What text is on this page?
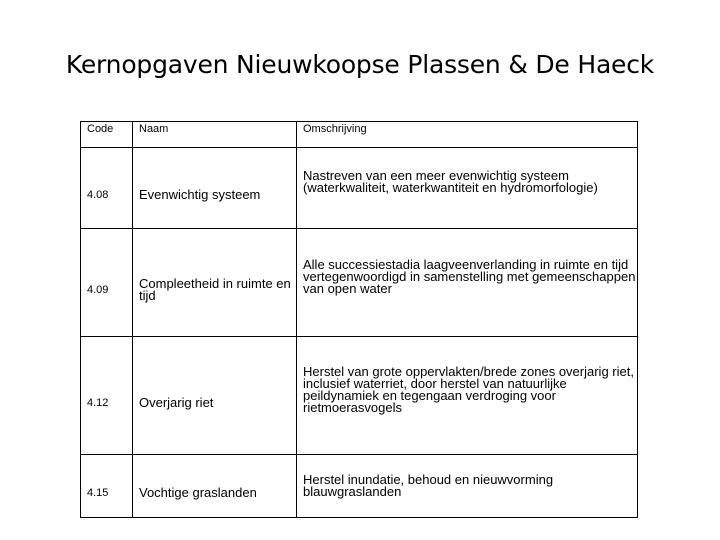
Kernopgaven Nieuwkoopse Plassen & De Haeck
Code	Naam	Omschrijving
4.08	Evenwichtig systeem	Nastreven van een meer evenwichtig systeem (waterkwaliteit, waterkwantiteit en hydromorfologie)
4.09	Compleetheid in ruimte en tijd	Alle successiestadia laagveenverlanding in ruimte en tijd vertegenwoordigd in samenstelling met gemeenschappen van open water
4.12	Overjarig riet	Herstel van grote oppervlakten/brede zones overjarig riet, inclusief waterriet, door herstel van natuurlijke peildynamiek en tegengaan verdroging voor rietmoerasvogels
4.15	Vochtige graslanden	Herstel inundatie, behoud en nieuwvorming blauwgraslanden
